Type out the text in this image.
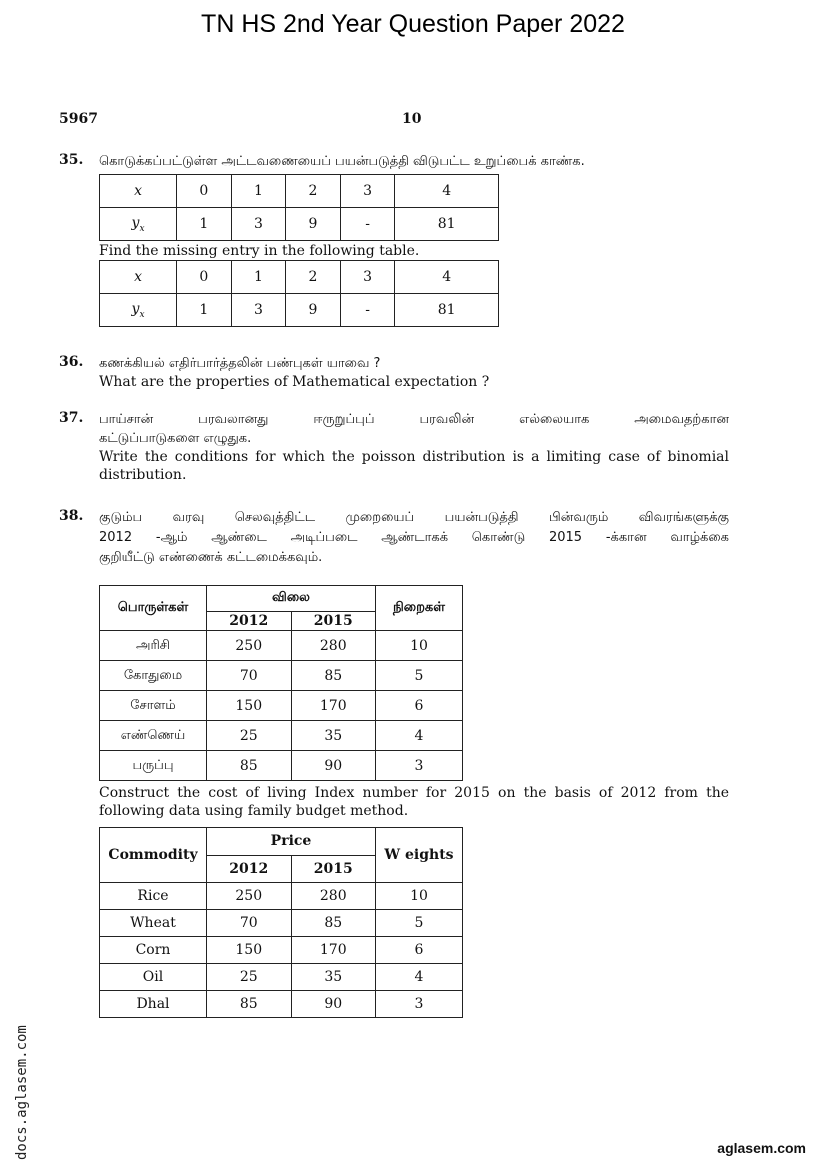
TN HS 2nd Year Question Paper 2022
5967	10
35. கொடுக்கப்பட்டுள்ள அட்டவணையைப் பயன்படுத்தி விடுபட்ட உறுப்பைக் காண்க.
x	0	1	2	3	4
$y_x$	1	3	9	-	81
Find the missing entry in the following table.
x	0	1	2	3	4
$y_x$	1	3	9	-	81
36. கணக்கியல் எதிர்பார்த்தலின் பண்புகள் யாவை ?
What are the properties of Mathematical expectation ?
37. பாய்சான் பரவலானது ஈருறுப்புப் பரவலின் எல்லையாக அமைவதற்கான
கட்டுப்பாடுகளை எழுதுக.
Write the conditions for which the poisson distribution is a limiting case of binomial
distribution.
38. குடும்ப வரவு செலவுத்திட்ட முறையைப் பயன்படுத்தி பின்வரும் விவரங்களுக்கு
2012 -ஆம் ஆண்டை அடிப்படை ஆண்டாகக் கொண்டு 2015 -க்கான வாழ்க்கை
குறியீட்டு எண்ணைக் கட்டமைக்கவும்.
பொருள்கள்	விலை		நிறைகள்
	2012	2015	
அரிசி	250	280	10
கோதுமை	70	85	5
சோளம்	150	170	6
எண்ணெய்	25	35	4
பருப்பு	85	90	3
Construct the cost of living Index number for 2015 on the basis of 2012 from the
following data using family budget method.
Commodity	Price		W eights
	2012	2015	
Rice	250	280	10
Wheat	70	85	5
Corn	150	170	6
Oil	25	35	4
Dhal	85	90	3
docs.aglasem.com	aglasem.com
